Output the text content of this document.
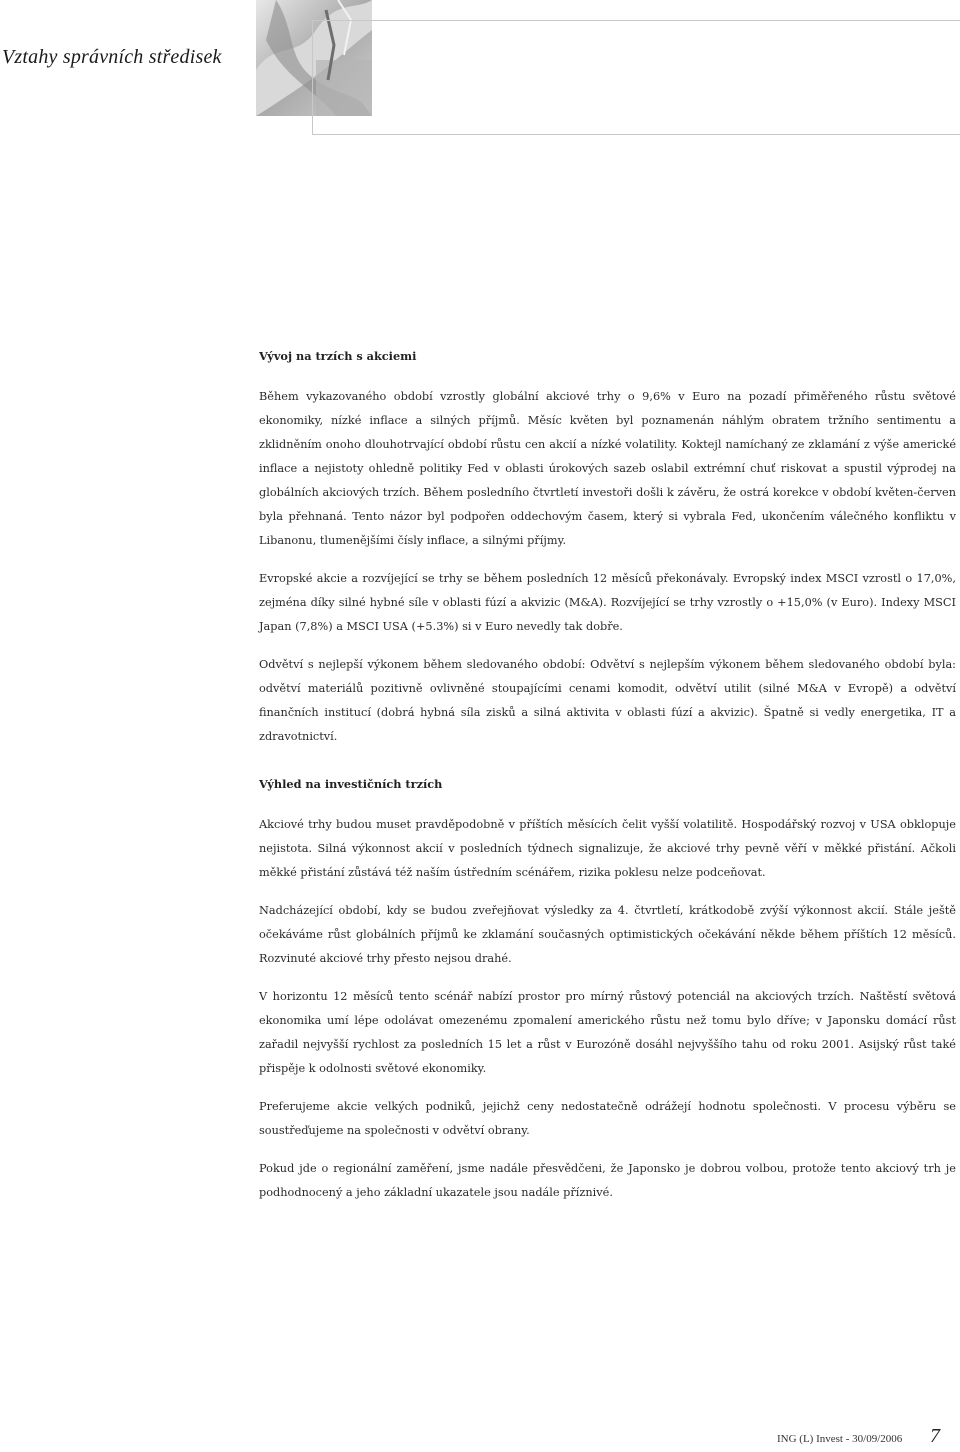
Vztahy správních středisek
Vývoj na trzích s akciemi

Během vykazovaného období vzrostly globální akciové trhy o 9,6% v Euro na pozadí přiměřeného růstu světové ekonomiky, nízké inflace a silných příjmů. Měsíc květen byl poznamenán náhlým obratem tržního sentimentu a zklidněním onoho dlouhotrvající období růstu cen akcií a nízké volatility. Koktejl namíchaný ze zklamání z výše americké inflace a nejistoty ohledně politiky Fed v oblasti úrokových sazeb oslabil extrémní chuť riskovat a spustil výprodej na globálních akciových trzích. Během posledního čtvrtletí investoři došli k závěru, že ostrá korekce v období květen-červen byla přehnaná. Tento názor byl podpořen oddechovým časem, který si vybrala Fed, ukončením válečného konfliktu v Libanonu, tlumenějšími čísly inflace, a silnými příjmy.

Evropské akcie a rozvíjející se trhy se během posledních 12 měsíců překonávaly. Evropský index MSCI vzrostl o 17,0%, zejména díky silné hybné síle v oblasti fúzí a akvizic (M&A). Rozvíjející se trhy vzrostly o +15,0% (v Euro). Indexy MSCI Japan (7,8%) a MSCI USA (+5.3%) si v Euro nevedly tak dobře.

Odvětví s nejlepší výkonem během sledovaného období: Odvětví s nejlepším výkonem během sledovaného období byla: odvětví materiálů pozitivně ovlivněné stoupajícími cenami komodit, odvětví utilit (silné M&A v Evropě) a odvětví finančních institucí (dobrá hybná síla zisků a silná aktivita v oblasti fúzí a akvizic). Špatně si vedly energetika, IT a zdravotnictví.

Výhled na investičních trzích

Akciové trhy budou muset pravděpodobně v příštích měsících čelit vyšší volatilitě. Hospodářský rozvoj v USA obklopuje nejistota. Silná výkonnost akcií v posledních týdnech signalizuje, že akciové trhy pevně věří v měkké přistání. Ačkoli měkké přistání zůstává též naším ústředním scénářem, rizika poklesu nelze podceňovat.

Nadcházející období, kdy se budou zveřejňovat výsledky za 4. čtvrtletí, krátkodobě zvýší výkonnost akcií. Stále ještě očekáváme růst globálních příjmů ke zklamání současných optimistických očekávání někde během příštích 12 měsíců. Rozvinuté akciové trhy přesto nejsou drahé.

V horizontu 12 měsíců tento scénář nabízí prostor pro mírný růstový potenciál na akciových trzích. Naštěstí světová ekonomika umí lépe odolávat omezenému zpomalení amerického růstu než tomu bylo dříve; v Japonsku domácí růst zařadil nejvyšší rychlost za posledních 15 let a růst v Eurozóně dosáhl nejvyššího tahu od roku 2001. Asijský růst také přispěje k odolnosti světové ekonomiky.

Preferujeme akcie velkých podniků, jejichž ceny nedostatečně odrážejí hodnotu společnosti. V procesu výběru se soustřeďujeme na společnosti v odvětví obrany.

Pokud jde o regionální zaměření, jsme nadále přesvědčeni, že Japonsko je dobrou volbou, protože tento akciový trh je podhodnocený a jeho základní ukazatele jsou nadále příznivé.

ING (L) Invest - 30/09/2006 7
